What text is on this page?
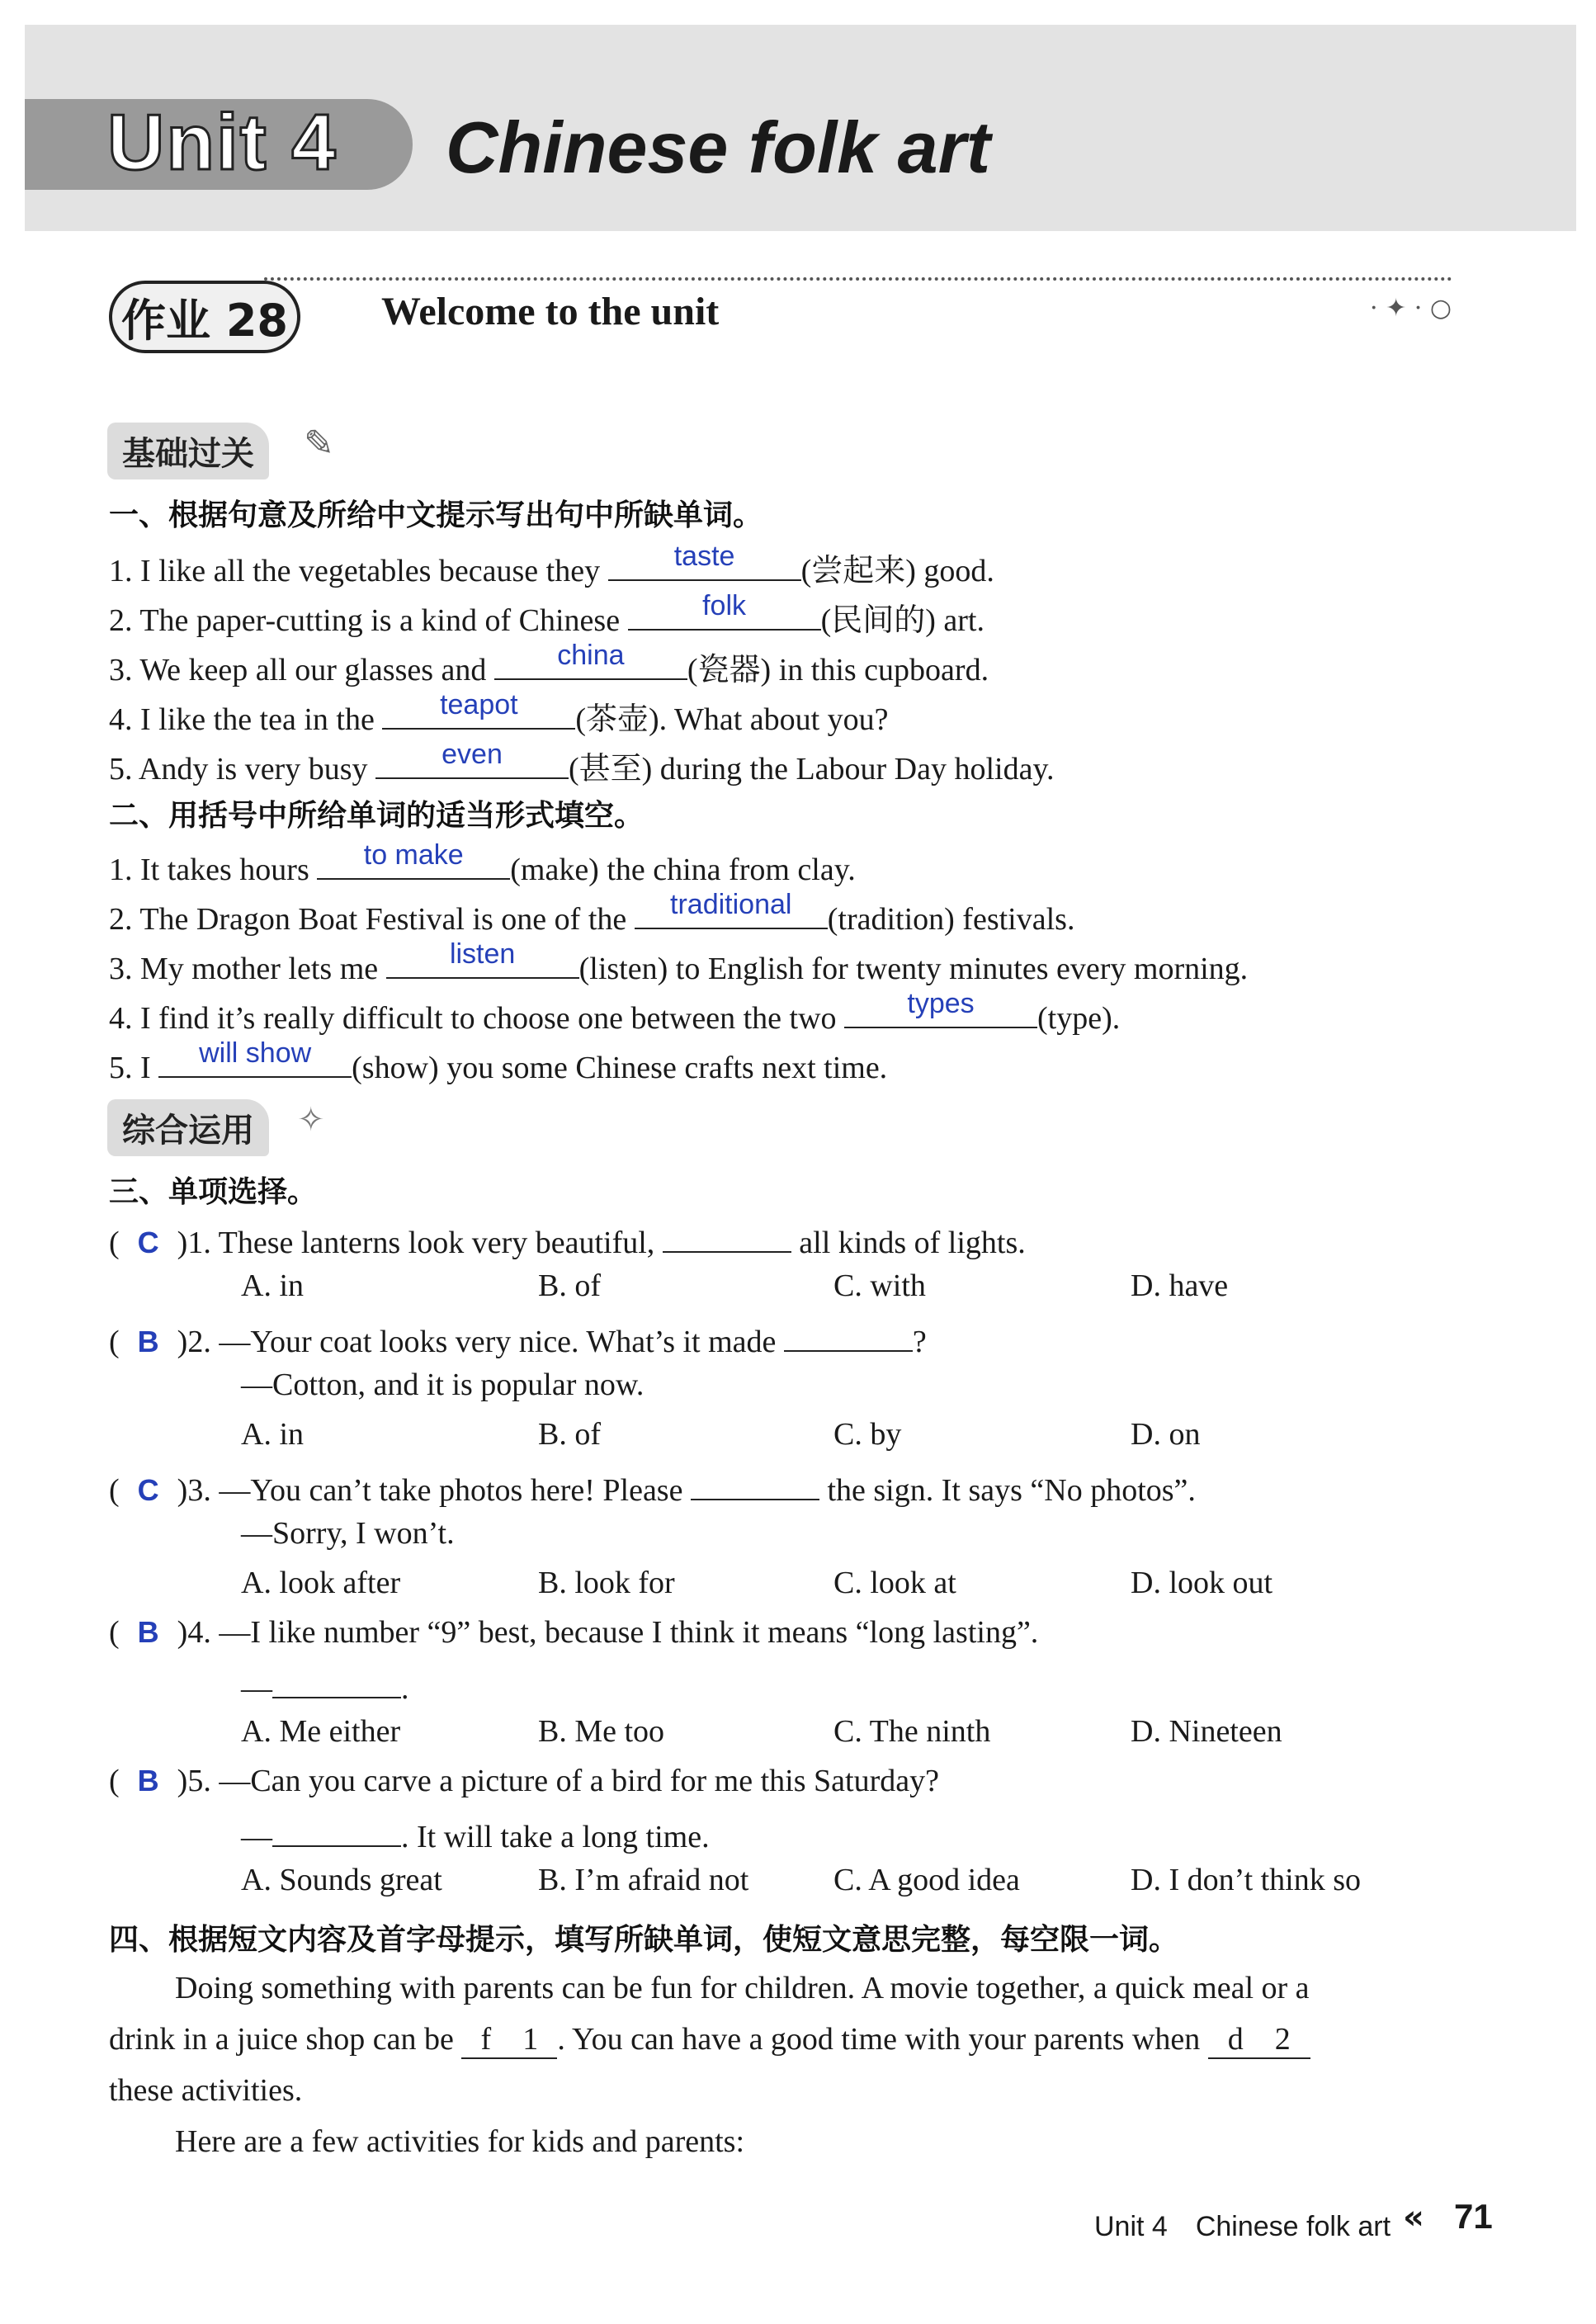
Unit 4 Chinese folk art
作业 28	Welcome to the unit	· ✦ · ○
基础过关	✎
一、根据句意及所给中文提示写出句中所缺单词。
1. I like all the vegetables because they	taste	(尝起来) good.
2. The paper-cutting is a kind of Chinese	folk	(民间的) art.
3. We keep all our glasses and	china	(瓷器) in this cupboard.
4. I like the tea in the	teapot	(茶壶). What about you?
5. Andy is very busy	even	(甚至) during the Labour Day holiday.
二、用括号中所给单词的适当形式填空。
1. It takes hours	to make	(make) the china from clay.
2. The Dragon Boat Festival is one of the	traditional	(tradition) festivals.
3. My mother lets me	listen	(listen) to English for twenty minutes every morning.
4. I find it’s really difficult to choose one between the two	types	(type).
5. I	will show	(show) you some Chinese crafts next time.
综合运用	✧
三、单项选择。
( C )1. These lanterns look very beautiful,	all kinds of lights.
A. in	B. of	C. with	D. have
( B )2. —Your coat looks very nice. What’s it made	?
—Cotton, and it is popular now.
A. in	B. of	C. by	D. on
( C )3. —You can’t take photos here! Please	the sign. It says “No photos”.
—Sorry, I won’t.
A. look after	B. look for	C. look at	D. look out
( B )4. —I like number “9” best, because I think it means “long lasting”.
—	.
A. Me either	B. Me too	C. The ninth	D. Nineteen
( B )5. —Can you carve a picture of a bird for me this Saturday?
—	. It will take a long time.
A. Sounds great	B. I’m afraid not	C. A good idea	D. I don’t think so
四、根据短文内容及首字母提示，填写所缺单词，使短文意思完整，每空限一词。
Doing something with parents can be fun for children. A movie together, a quick meal or a
drink in a juice shop can be f　1 . You can have a good time with your parents when d　2
these activities.
Here are a few activities for kids and parents:
Unit 4　Chinese folk art « 71
